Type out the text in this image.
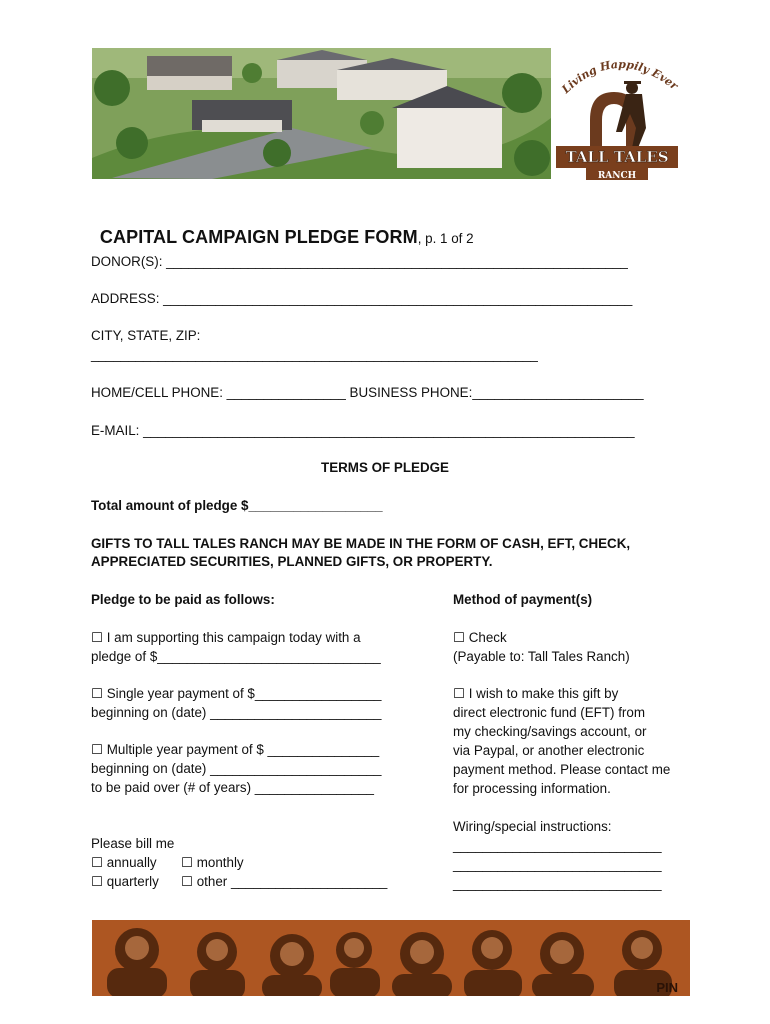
Living Happily Ever
TALL TALES
RANCH

CAPITAL CAMPAIGN PLEDGE FORM, p. 1 of 2

DONOR(S): ______________________________________________________________
ADDRESS: _______________________________________________________________
CITY, STATE, ZIP:
____________________________________________________________
HOME/CELL PHONE: ________________ BUSINESS PHONE:_______________________
E-MAIL: __________________________________________________________________
TERMS OF PLEDGE
Total amount of pledge $__________________
GIFTS TO TALL TALES RANCH MAY BE MADE IN THE FORM OF CASH, EFT, CHECK,
APPRECIATED SECURITIES, PLANNED GIFTS, OR PROPERTY.
Pledge to be paid as follows:
☐ I am supporting this campaign today with a
pledge of $______________________________
☐ Single year payment of $_________________
beginning on (date) _______________________
☐ Multiple year payment of $ _______________
beginning on (date) _______________________
to be paid over (# of years) ________________
Please bill me
☐ annually ☐ monthly
☐ quarterly ☐ other _____________________
Method of payment(s)
☐ Check
(Payable to: Tall Tales Ranch)
☐ I wish to make this gift by
direct electronic fund (EFT) from
my checking/savings account, or
via Paypal, or another electronic
payment method. Please contact me
for processing information.
Wiring/special instructions:
____________________________
____________________________
____________________________
PIN
